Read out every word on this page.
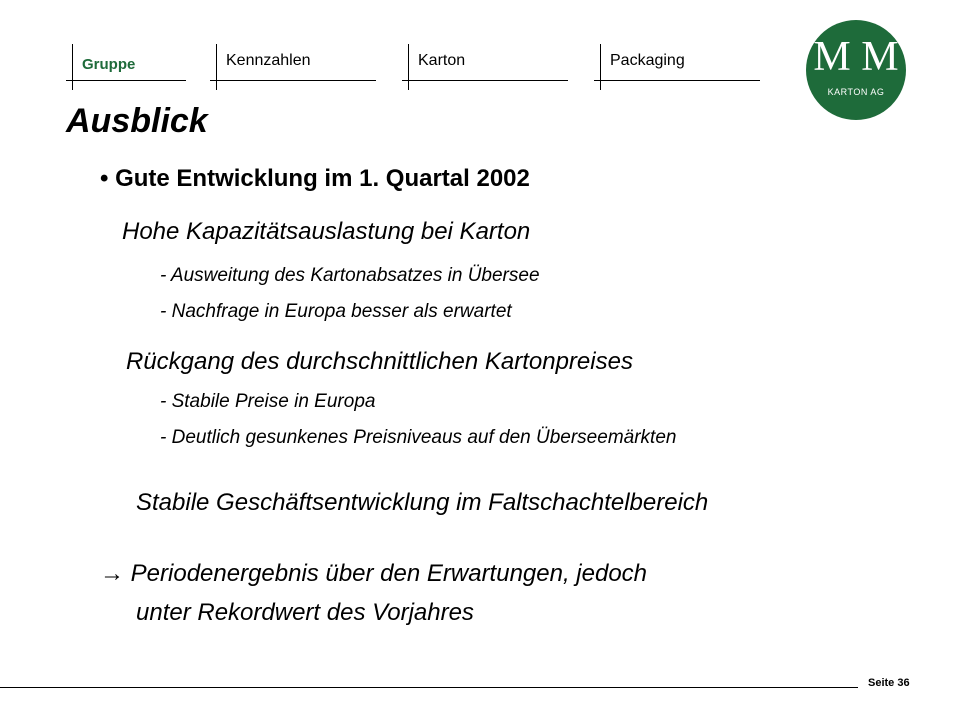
Gruppe	Kennzahlen	Karton	Packaging	M M
KARTON AG
Ausblick
• Gute Entwicklung im 1. Quartal 2002
Hohe Kapazitätsauslastung bei Karton
- Ausweitung des Kartonabsatzes in Übersee
- Nachfrage in Europa besser als erwartet
Rückgang des durchschnittlichen Kartonpreises
- Stabile Preise in Europa
- Deutlich gesunkenes Preisniveaus auf den Überseemärkten
Stabile Geschäftsentwicklung im Faltschachtelbereich
→ Periodenergebnis über den Erwartungen, jedoch
unter Rekordwert des Vorjahres
Seite 36
